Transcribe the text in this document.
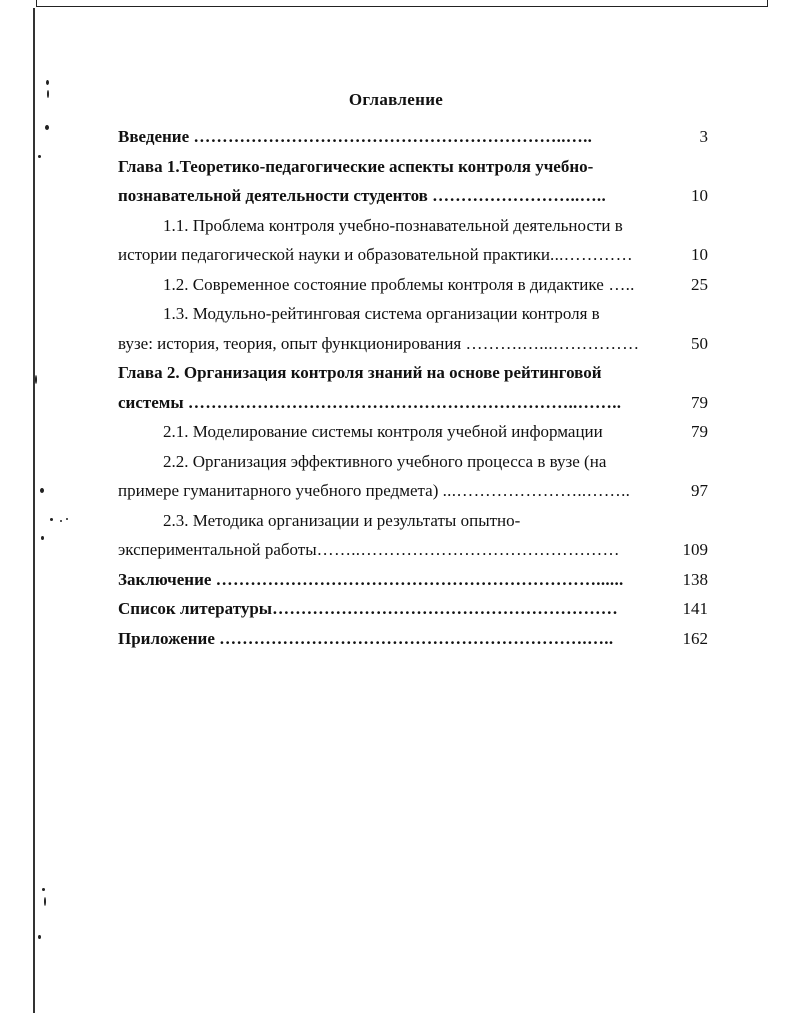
Оглавление
Введение ………………………………………………………..…..	3
Глава 1.Теоретико-педагогические аспекты контроля учебно-
познавательной деятельности студентов ……………………..…..	10
1.1. Проблема контроля учебно-познавательной деятельности в
истории педагогической науки и образовательной практики...…………	10
1.2. Современное состояние проблемы контроля в дидактике …..	25
1.3. Модульно-рейтинговая система организации контроля в
вузе: история, теория, опыт функционирования ……….…...……………	50
Глава 2. Организация контроля знаний на основе рейтинговой
системы …………………………………………………………..……..	79
2.1. Моделирование системы контроля учебной информации	79
2.2. Организация эффективного учебного процесса в вузе (на
примере гуманитарного учебного предмета) ...…………………..……..	97
2.3. Методика организации и результаты опытно-
экспериментальной работы……..………………………………………	109
Заключение …………………………………………………………......	138
Список литературы……………………………………………………	141
Приложение ……………………………………………………….…..	162
